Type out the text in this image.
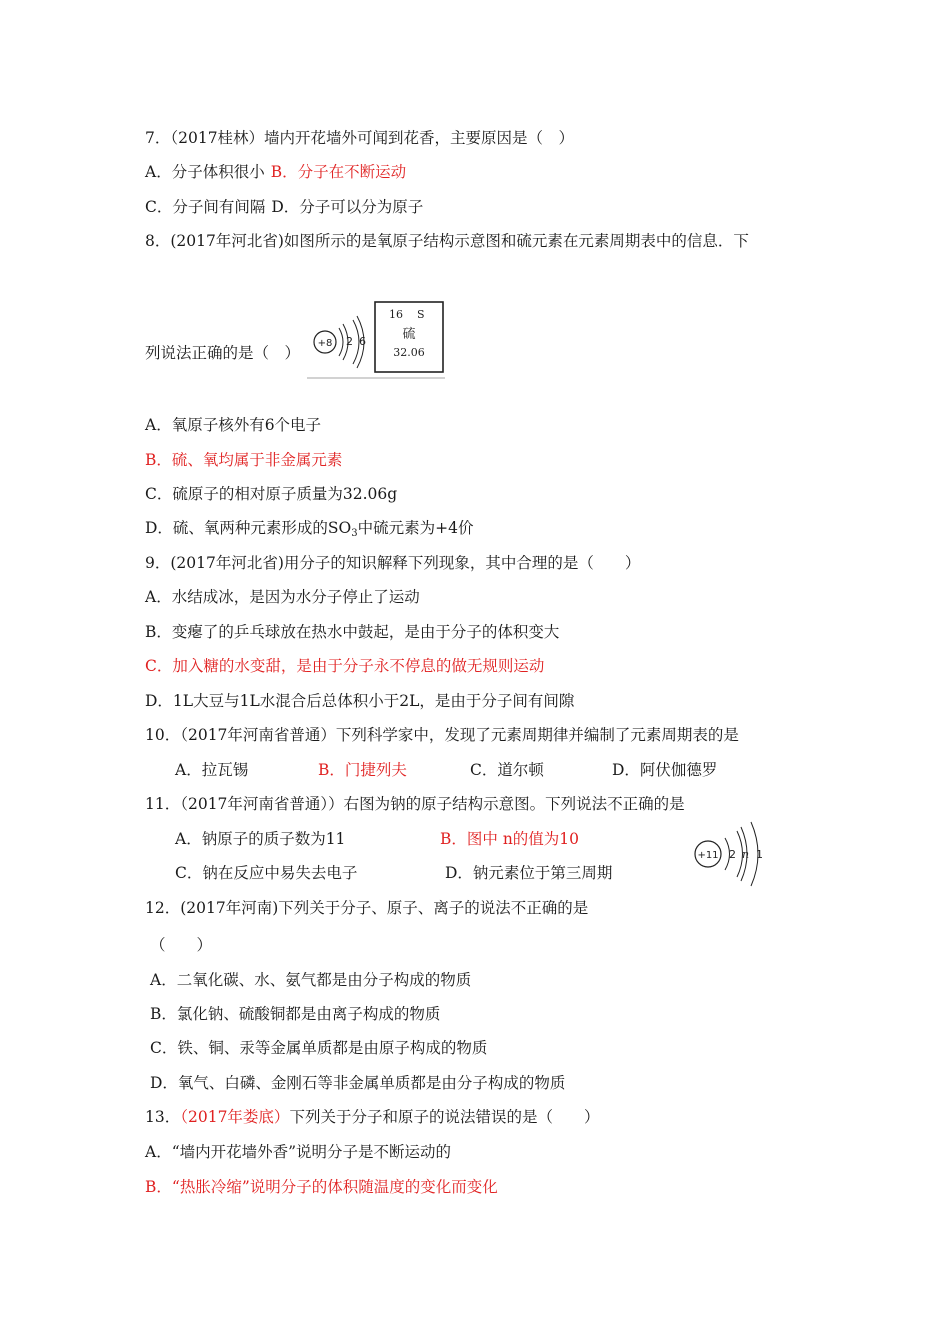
7．（2017桂林）墙内开花墙外可闻到花香，主要原因是（　）
A．分子体积很小 B．分子在不断运动
C．分子间有间隔 D．分子可以分为原子
8．(2017年河北省)如图所示的是氧原子结构示意图和硫元素在元素周期表中的信息．下
列说法正确的是（　）
+8 2 6
16 S
硫
32.06
A．氧原子核外有6个电子
B．硫、氧均属于非金属元素
C．硫原子的相对原子质量为32.06g
D．硫、氧两种元素形成的$SO_3$中硫元素为+4价
9．(2017年河北省)用分子的知识解释下列现象，其中合理的是（　　）
A．水结成冰，是因为水分子停止了运动
B．变瘪了的乒乓球放在热水中鼓起，是由于分子的体积变大
C．加入糖的水变甜，是由于分子永不停息的做无规则运动
D．1L大豆与1L水混合后总体积小于2L，是由于分子间有间隙
10．（2017年河南省普通）下列科学家中，发现了元素周期律并编制了元素周期表的是
A．拉瓦锡	B．门捷列夫	C．道尔顿	D．阿伏伽德罗
11．（2017年河南省普通））右图为钠的原子结构示意图。下列说法不正确的是
A．钠原子的质子数为11	B．图中 n的值为10
C．钠在反应中易失去电子	D．钠元素位于第三周期
+11 2 n 1
12．(2017年河南)下列关于分子、原子、离子的说法不正确的是
（　　）
A．二氧化碳、水、氨气都是由分子构成的物质
B．氯化钠、硫酸铜都是由离子构成的物质
C．铁、铜、汞等金属单质都是由原子构成的物质
D．氧气、白磷、金刚石等非金属单质都是由分子构成的物质
13．（2017年娄底）下列关于分子和原子的说法错误的是（　　）
A．“墙内开花墙外香”说明分子是不断运动的
B．“热胀冷缩”说明分子的体积随温度的变化而变化
